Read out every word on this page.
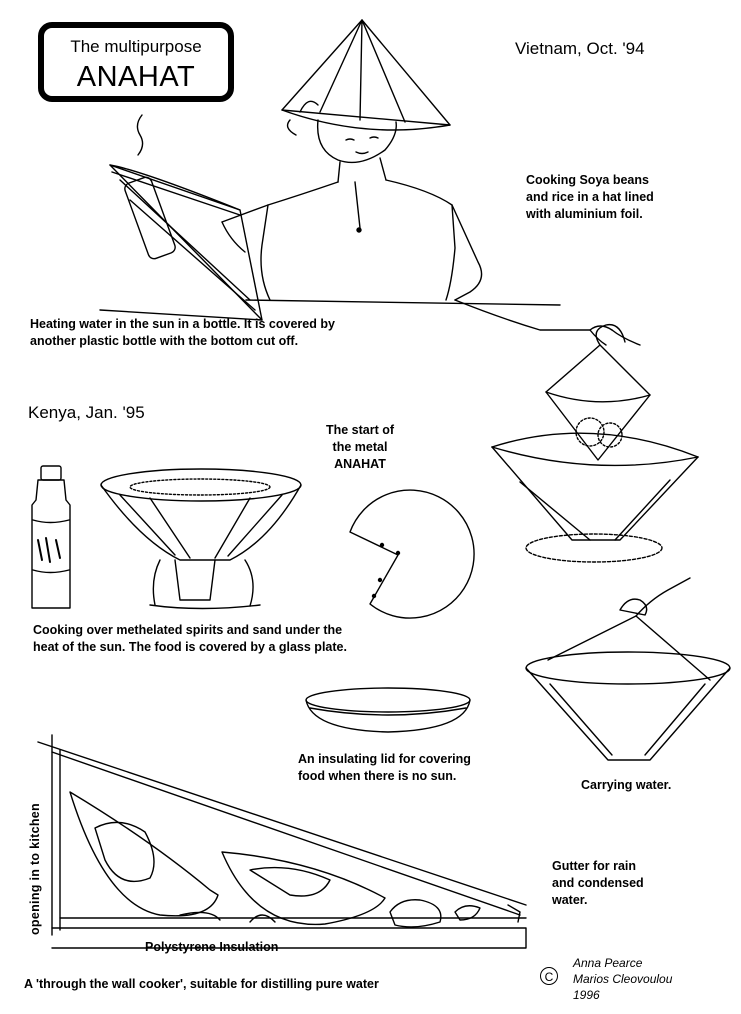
The multipurpose
ANAHAT
Vietnam, Oct. '94
Kenya, Jan. '95
Cooking Soya beans
and rice in a hat lined
with aluminium foil.
Heating water in the sun in a bottle. It is covered by
another plastic bottle with the bottom cut off.
The start of
the metal
ANAHAT
Cooking over methelated spirits and sand under the
heat of the sun. The food is covered by a glass plate.
An insulating lid for covering
food when there is no sun.
Carrying water.
Gutter for rain
and condensed
water.
opening in to kitchen
Polystyrene Insulation
A 'through the wall cooker', suitable for distilling pure water	C
Anna Pearce
Marios Cleovoulou
1996
